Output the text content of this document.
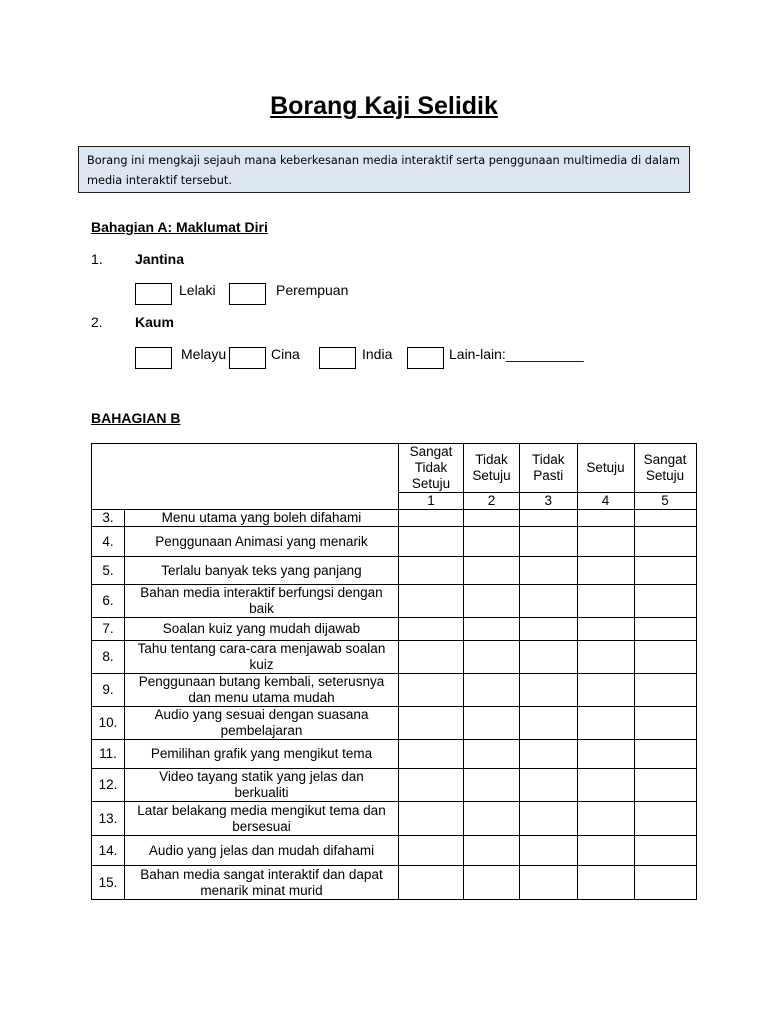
Borang Kaji Selidik
Borang ini mengkaji sejauh mana keberkesanan media interaktif serta penggunaan multimedia di dalam media interaktif tersebut.
Bahagian A: Maklumat Diri
1. Jantina
Lelaki	Perempuan
2. Kaum
Melayu	Cina	India	Lain-lain:__________
BAHAGIAN B
		Sangat Tidak Setuju	Tidak Setuju	Tidak Pasti	Setuju	Sangat Setuju
		1	2	3	4	5
3.	Menu utama yang boleh difahami					
4.	Penggunaan Animasi yang menarik					
5.	Terlalu banyak teks yang panjang					
6.	Bahan media interaktif berfungsi dengan baik					
7.	Soalan kuiz yang mudah dijawab					
8.	Tahu tentang cara-cara menjawab soalan kuiz					
9.	Penggunaan butang kembali, seterusnya dan menu utama mudah					
10.	Audio yang sesuai dengan suasana pembelajaran					
11.	Pemilihan grafik yang mengikut tema					
12.	Video tayang statik yang jelas dan berkualiti					
13.	Latar belakang media mengikut tema dan bersesuai					
14.	Audio yang jelas dan mudah difahami					
15.	Bahan media sangat interaktif dan dapat menarik minat murid					
